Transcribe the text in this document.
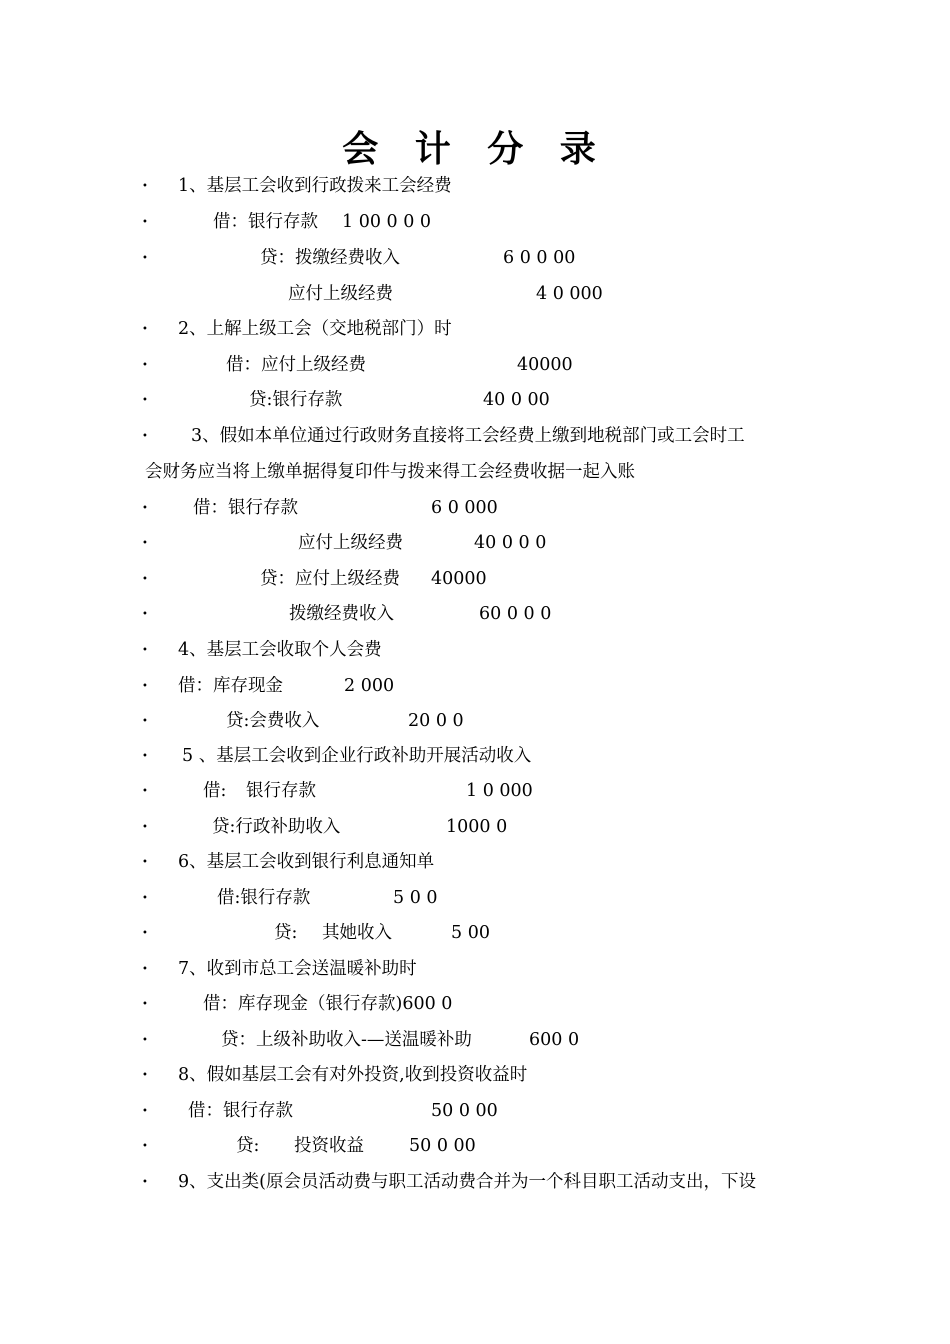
会 计 分 录
• 1、基层工会收到行政拨来工会经费
•	借：银行存款 1 00 0 0 0
•	贷：拨缴经费收入	6 0 0 00
应付上级经费	4 0 000
• 2、上解上级工会（交地税部门）时
•	借：应付上级经费	40000
•	贷:银行存款	40 0 00
• 3、假如本单位通过行政财务直接将工会经费上缴到地税部门或工会时工
会财务应当将上缴单据得复印件与拨来得工会经费收据一起入账
•	借：银行存款	6 0 000
•	应付上级经费	40 0 0 0
•	贷：应付上级经费 40000
•	拨缴经费收入	60 0 0 0
• 4、基层工会收取个人会费
• 借：库存现金	2 000
•	贷:会费收入	20 0 0
• 5 、基层工会收到企业行政补助开展活动收入
•	借: 银行存款	1 0 000
•	贷:行政补助收入	1000 0
• 6、基层工会收到银行利息通知单
•	借:银行存款	5 0 0
•	贷: 其她收入	5 00
• 7、收到市总工会送温暖补助时
•	借：库存现金（银行存款)600 0
•	贷：上级补助收入-—送温暖补助	600 0
• 8、假如基层工会有对外投资,收到投资收益时
• 借：银行存款	50 0 00
•	贷: 投资收益	50 0 00
• 9、支出类(原会员活动费与职工活动费合并为一个科目职工活动支出，下设
